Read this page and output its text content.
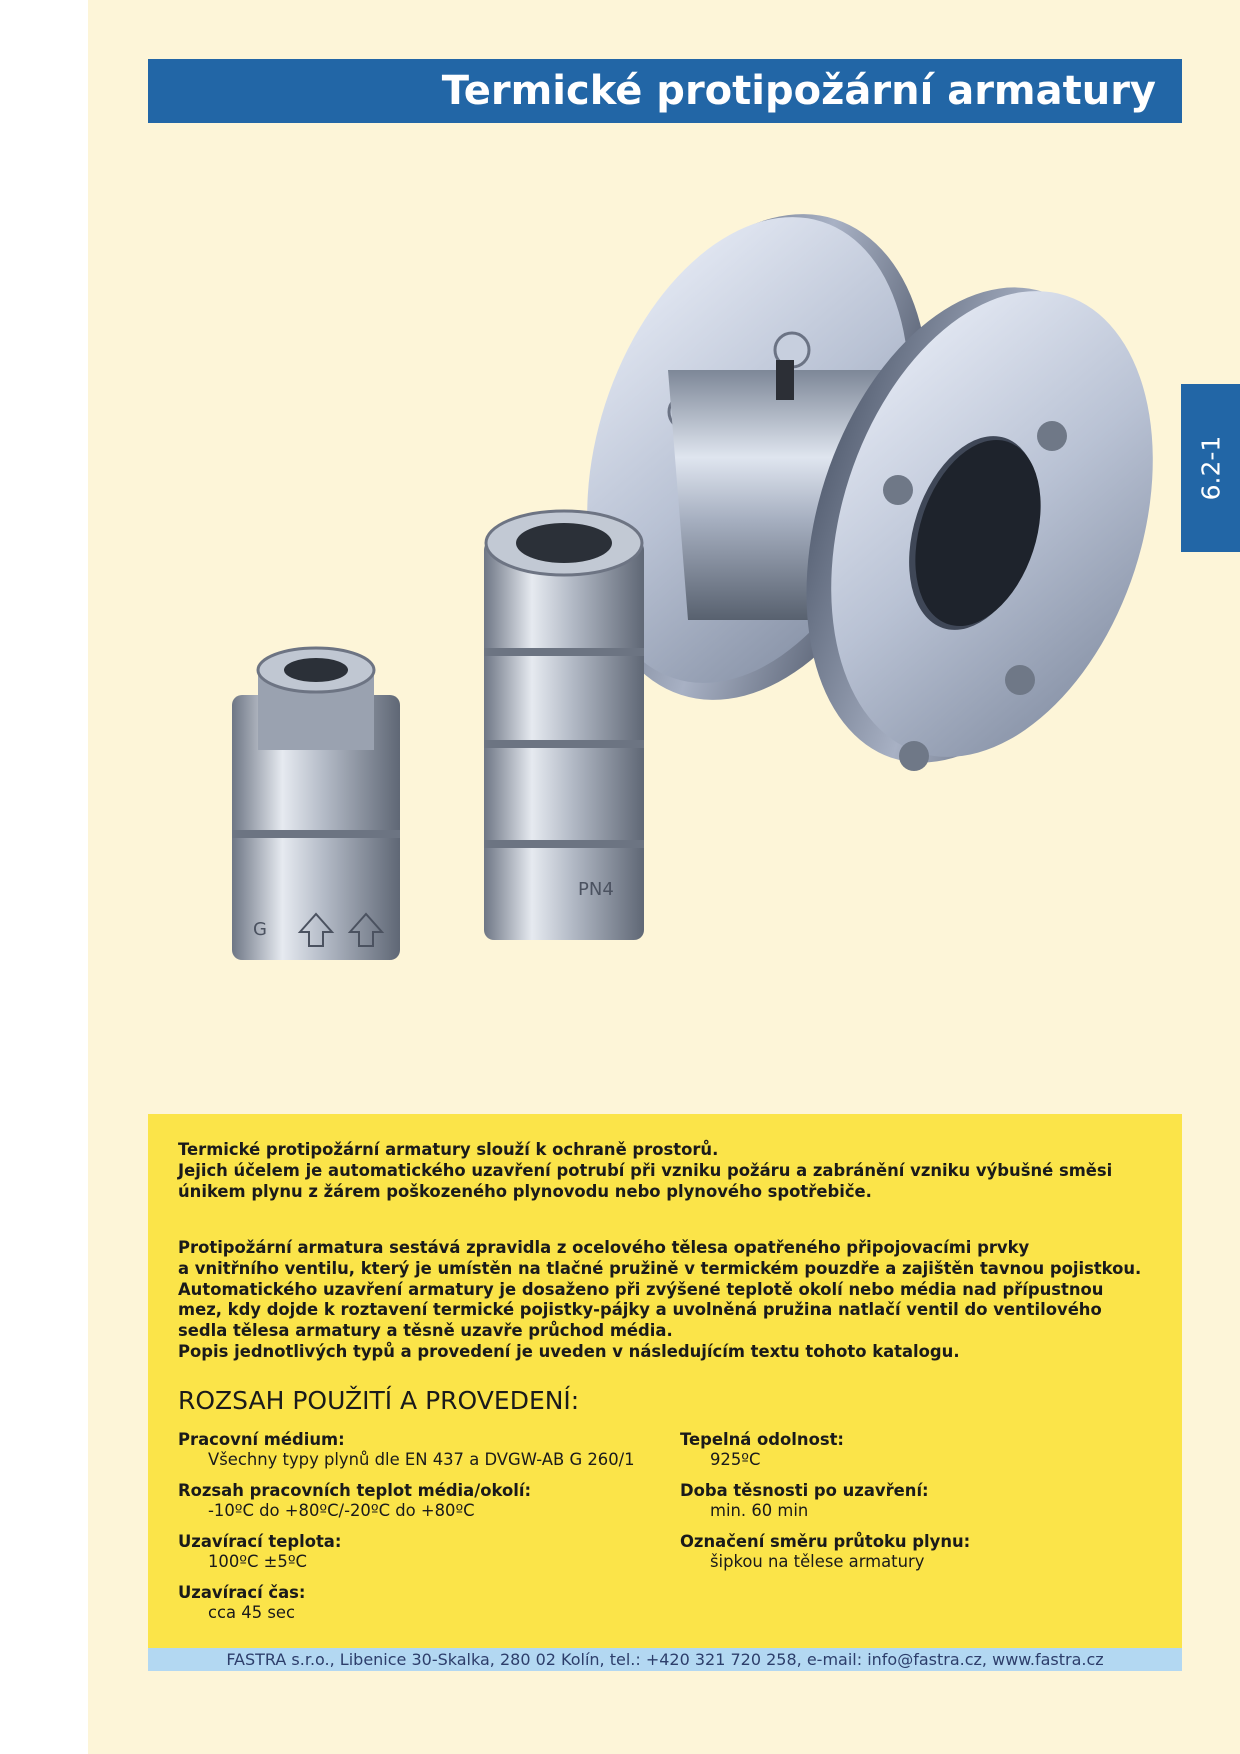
Termické protipožární armatury
6.2-1
PN4
G
Termické protipožární armatury slouží k ochraně prostorů.
Jejich účelem je automatického uzavření potrubí při vzniku požáru a zabránění vzniku výbušné směsi
únikem plynu z žárem poškozeného plynovodu nebo plynového spotřebiče.
Protipožární armatura sestává zpravidla z ocelového tělesa opatřeného připojovacími prvky
a vnitřního ventilu, který je umístěn na tlačné pružině v termickém pouzdře a zajištěn tavnou pojistkou.
Automatického uzavření armatury je dosaženo při zvýšené teplotě okolí nebo média nad přípustnou
mez, kdy dojde k roztavení termické pojistky-pájky a uvolněná pružina natlačí ventil do ventilového
sedla tělesa armatury a těsně uzavře průchod média.
Popis jednotlivých typů a provedení je uveden v následujícím textu tohoto katalogu.
ROZSAH POUŽITÍ A PROVEDENÍ:
Pracovní médium:
Všechny typy plynů dle EN 437 a DVGW-AB G 260/1
Rozsah pracovních teplot média/okolí:
-10ºC do +80ºC/-20ºC do +80ºC
Uzavírací teplota:
100ºC ±5ºC
Uzavírací čas:
cca 45 sec
Tepelná odolnost:
925ºC
Doba těsnosti po uzavření:
min. 60 min
Označení směru průtoku plynu:
šipkou na tělese armatury
FASTRA s.r.o., Libenice 30-Skalka, 280 02 Kolín, tel.: +420 321 720 258, e-mail: info@fastra.cz, www.fastra.cz
